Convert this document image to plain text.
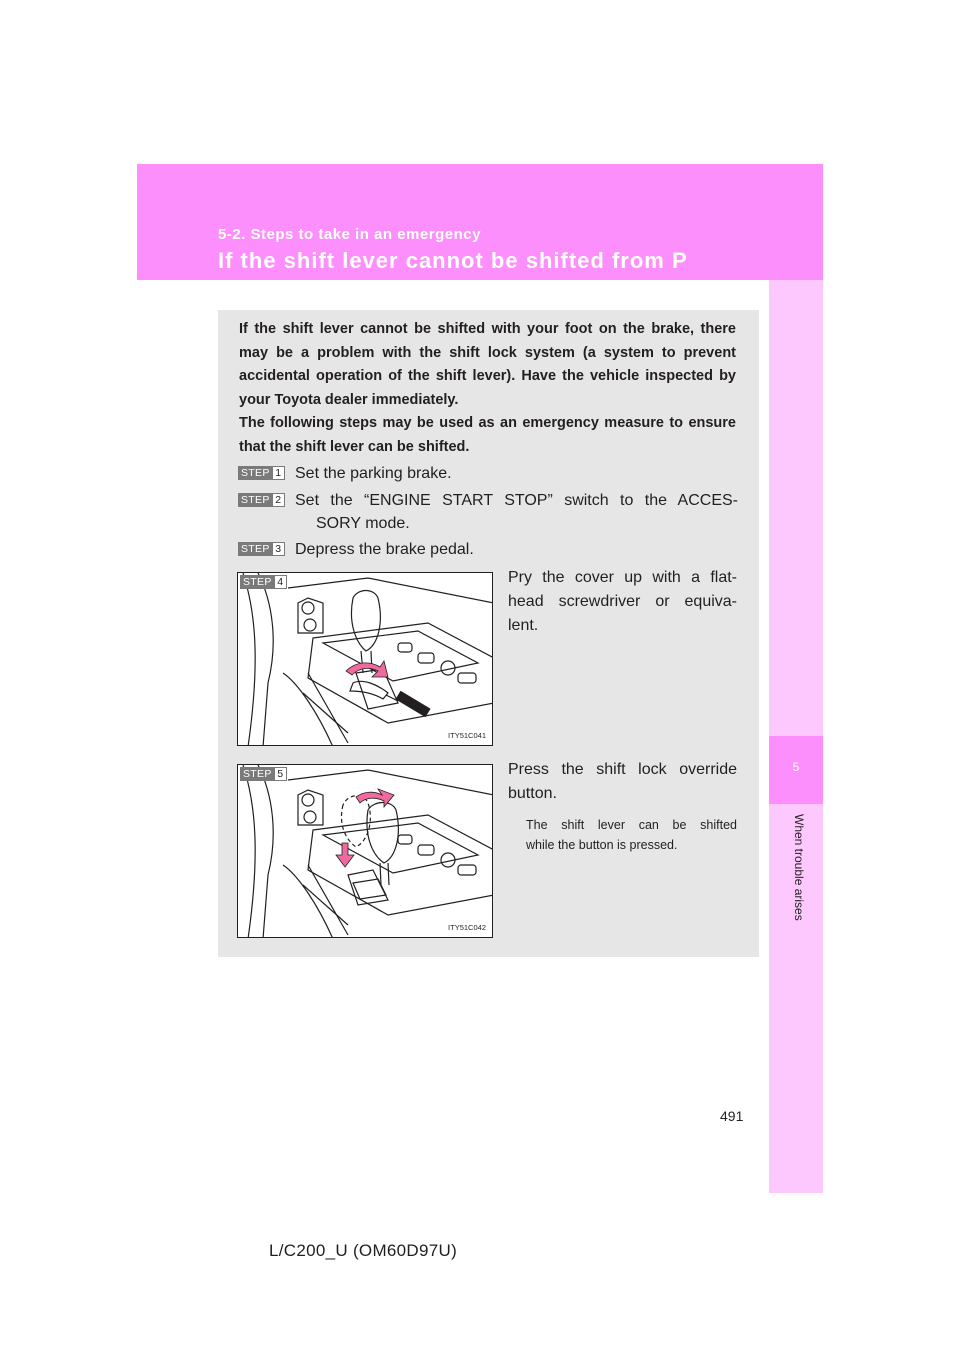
5-2. Steps to take in an emergency
If the shift lever cannot be shifted from P
5
When trouble arises
If the shift lever cannot be shifted with your foot on the brake, there may be a problem with the shift lock system (a system to prevent accidental operation of the shift lever). Have the vehicle inspected by your Toyota dealer immediately.
The following steps may be used as an emergency measure to ensure that the shift lever can be shifted.
STEP 1 Set the parking brake.
STEP 2 Set the “ENGINE START STOP” switch to the ACCES-
SORY mode.
STEP 3 Depress the brake pedal.
STEP 4
ITY51C041
Pry the cover up with a flat-
head screwdriver or equiva-
lent.
STEP 5
ITY51C042
Press the shift lock override
button.
The shift lever can be shifted
while the button is pressed.
491
L/C200_U (OM60D97U)
